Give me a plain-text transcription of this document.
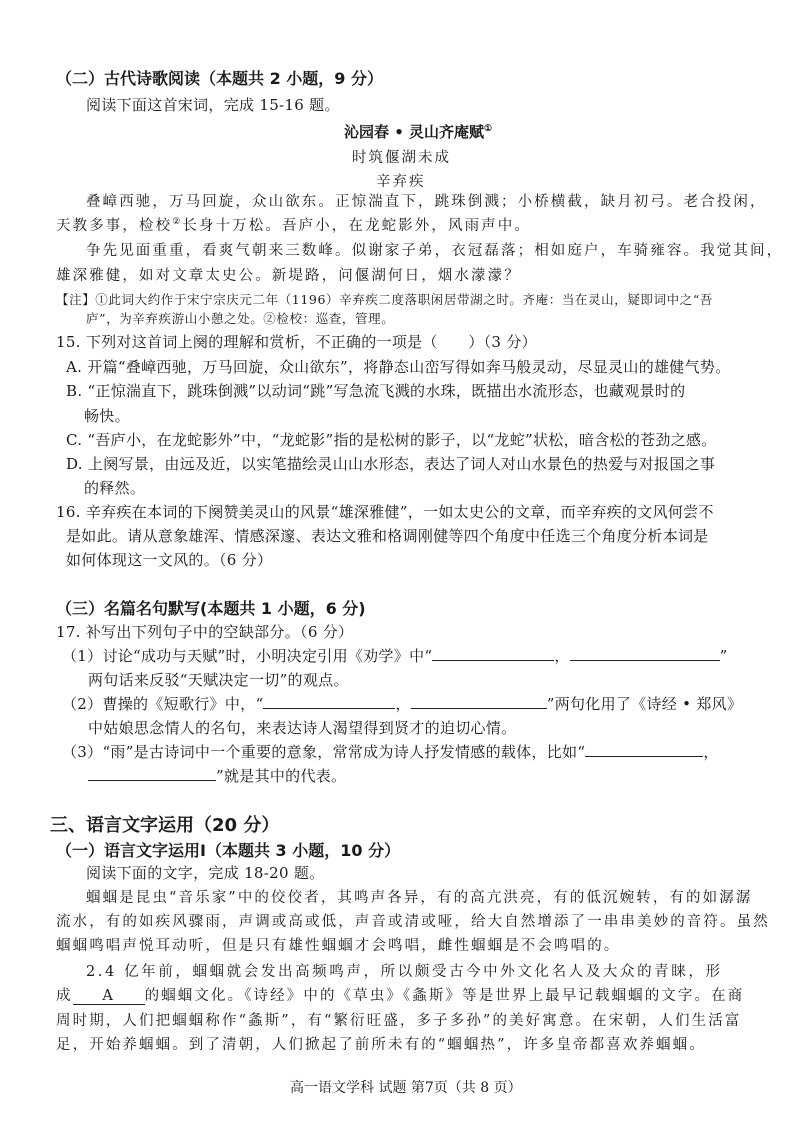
（二）古代诗歌阅读（本题共 2 小题，9 分）
阅读下面这首宋词，完成 15-16 题。
沁园春 • 灵山齐庵赋①
时筑偃湖未成
辛弃疾
叠嶂西驰，万马回旋，众山欲东。正惊湍直下，跳珠倒溅；小桥横截，缺月初弓。老合投闲，
天教多事，检校②长身十万松。吾庐小，在龙蛇影外，风雨声中。
争先见面重重，看爽气朝来三数峰。似谢家子弟，衣冠磊落；相如庭户，车骑雍容。我觉其间，
雄深雅健，如对文章太史公。新堤路，问偃湖何日，烟水濛濛？
【注】①此词大约作于宋宁宗庆元二年（1196）辛弃疾二度落职闲居带湖之时。齐庵：当在灵山，疑即词中之“吾
庐”，为辛弃疾游山小憩之处。②检校：巡查，管理。
15. 下列对这首词上阕的理解和赏析，不正确的一项是（　　）（3 分）
A. 开篇“叠嶂西驰，万马回旋，众山欲东”，将静态山峦写得如奔马般灵动，尽显灵山的雄健气势。
B. “正惊湍直下，跳珠倒溅”以动词“跳”写急流飞溅的水珠，既描出水流形态，也藏观景时的
畅快。
C. “吾庐小，在龙蛇影外”中，“龙蛇影”指的是松树的影子，以“龙蛇”状松，暗含松的苍劲之感。
D. 上阕写景，由远及近，以实笔描绘灵山山水形态，表达了词人对山水景色的热爱与对报国之事
的释然。
16. 辛弃疾在本词的下阕赞美灵山的风景“雄深雅健”，一如太史公的文章，而辛弃疾的文风何尝不
是如此。请从意象雄浑、情感深邃、表达文雅和格调刚健等四个角度中任选三个角度分析本词是
如何体现这一文风的。（6 分）
（三）名篇名句默写(本题共 1 小题，6 分)
17. 补写出下列句子中的空缺部分。（6 分）
（1）讨论“成功与天赋”时，小明决定引用《劝学》中“	，	”
两句话来反驳“天赋决定一切”的观点。
（2）曹操的《短歌行》中，“	，	”两句化用了《诗经 • 郑风》
中姑娘思念情人的名句，来表达诗人渴望得到贤才的迫切心情。
（3）“雨”是古诗词中一个重要的意象，常常成为诗人抒发情感的载体，比如“	，
”就是其中的代表。
三、语言文字运用（20 分）
（一）语言文字运用Ⅰ（本题共 3 小题，10 分）
阅读下面的文字，完成 18-20 题。
蝈蝈是昆虫“音乐家”中的佼佼者，其鸣声各异，有的高亢洪亮，有的低沉婉转，有的如潺潺
流水，有的如疾风骤雨，声调或高或低，声音或清或哑，给大自然增添了一串串美妙的音符。虽然
蝈蝈鸣唱声悦耳动听，但是只有雄性蝈蝈才会鸣唱，雌性蝈蝈是不会鸣唱的。
2.4 亿年前，蝈蝈就会发出高频鸣声，所以颇受古今中外文化名人及大众的青睐，形
成 A 的蝈蝈文化。《诗经》中的《草虫》《螽斯》等是世界上最早记载蝈蝈的文字。在商
周时期，人们把蝈蝈称作“螽斯”，有“繁衍旺盛，多子多孙”的美好寓意。在宋朝，人们生活富
足，开始养蝈蝈。到了清朝，人们掀起了前所未有的“蝈蝈热”，许多皇帝都喜欢养蝈蝈。
高一语文学科 试题 第7页（共 8 页）
